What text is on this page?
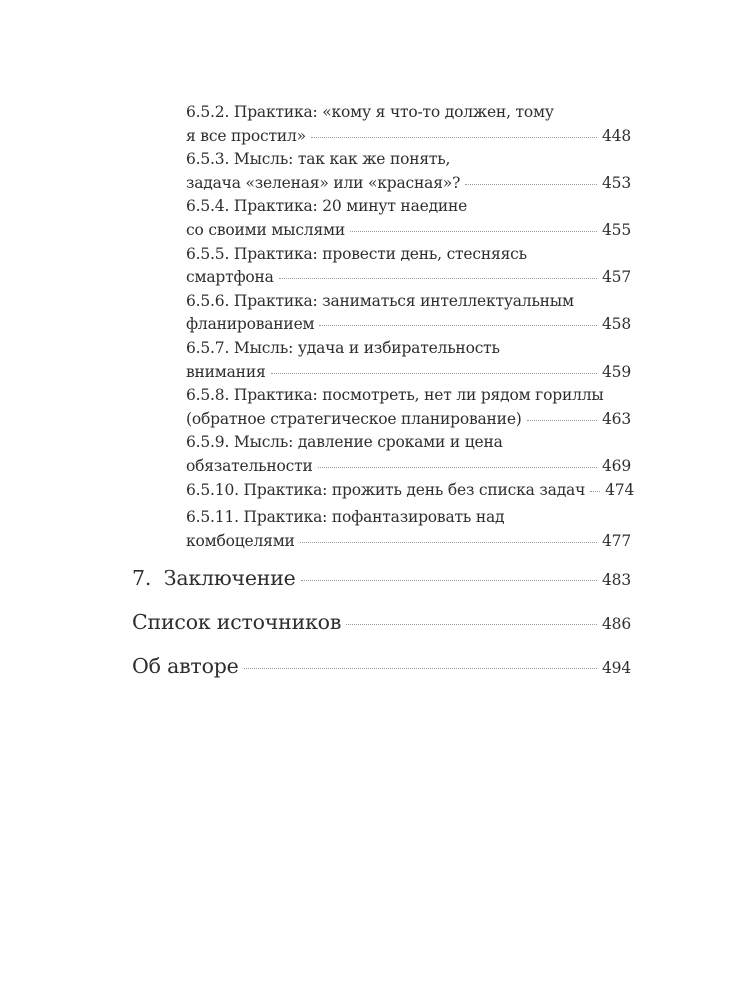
6.5.2. Практика: «кому я что-то должен, тому
я все простил»	448
6.5.3. Мысль: так как же понять,
задача «зеленая» или «красная»?	453
6.5.4. Практика: 20 минут наедине
со своими мыслями	455
6.5.5. Практика: провести день, стесняясь
смартфона	457
6.5.6. Практика: заниматься интеллектуальным
фланированием	458
6.5.7. Мысль: удача и избирательность
внимания	459
6.5.8. Практика: посмотреть, нет ли рядом гориллы
(обратное стратегическое планирование)	463
6.5.9. Мысль: давление сроками и цена
обязательности	469
6.5.10. Практика: прожить день без списка задач 474
6.5.11. Практика: пофантазировать над
комбоцелями	477
7.  Заключение	483
Список источников	486
Об авторе	494
